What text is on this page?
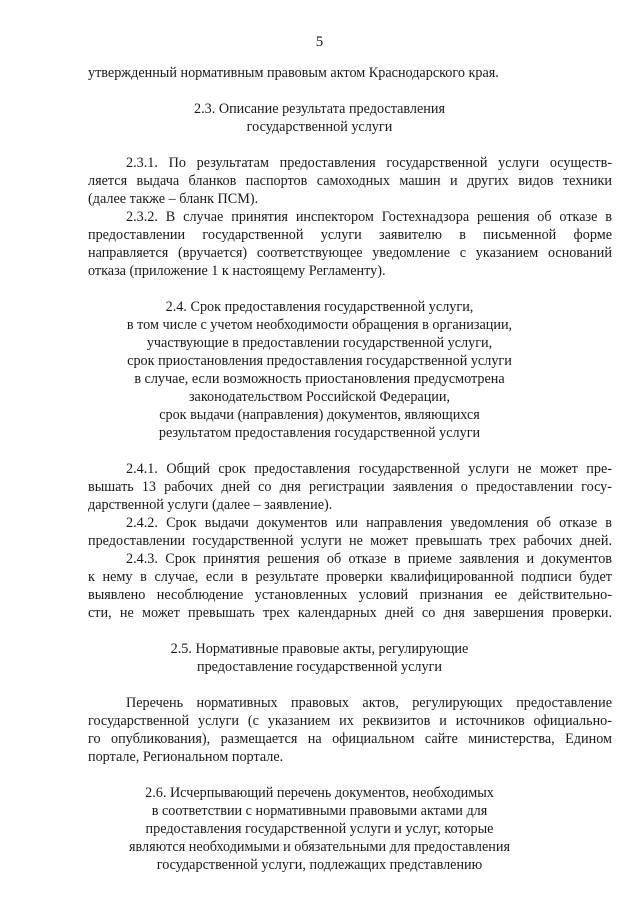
5
утвержденный нормативным правовым актом Краснодарского края.
2.3. Описание результата предоставления
государственной услуги
2.3.1. По результатам предоставления государственной услуги осуществ-
ляется выдача бланков паспортов самоходных машин и других видов техники
(далее также – бланк ПСМ).
2.3.2. В случае принятия инспектором Гостехнадзора решения об отказе в
предоставлении государственной услуги заявителю в письменной форме
направляется (вручается) соответствующее уведомление с указанием оснований
отказа (приложение 1 к настоящему Регламенту).
2.4. Срок предоставления государственной услуги,
в том числе с учетом необходимости обращения в организации,
участвующие в предоставлении государственной услуги,
срок приостановления предоставления государственной услуги
в случае, если возможность приостановления предусмотрена
законодательством Российской Федерации,
срок выдачи (направления) документов, являющихся
результатом предоставления государственной услуги
2.4.1. Общий срок предоставления государственной услуги не может пре-
вышать 13 рабочих дней со дня регистрации заявления о предоставлении госу-
дарственной услуги (далее – заявление).
2.4.2. Срок выдачи документов или направления уведомления об отказе в
предоставлении государственной услуги не может превышать трех рабочих дней.
2.4.3. Срок принятия решения об отказе в приеме заявления и документов
к нему в случае, если в результате проверки квалифицированной подписи будет
выявлено несоблюдение установленных условий признания ее действительно-
сти, не может превышать трех календарных дней со дня завершения проверки.
2.5. Нормативные правовые акты, регулирующие
предоставление государственной услуги
Перечень нормативных правовых актов, регулирующих предоставление
государственной услуги (с указанием их реквизитов и источников официально-
го опубликования), размещается на официальном сайте министерства, Едином
портале, Региональном портале.
2.6. Исчерпывающий перечень документов, необходимых
в соответствии с нормативными правовыми актами для
предоставления государственной услуги и услуг, которые
являются необходимыми и обязательными для предоставления
государственной услуги, подлежащих представлению
